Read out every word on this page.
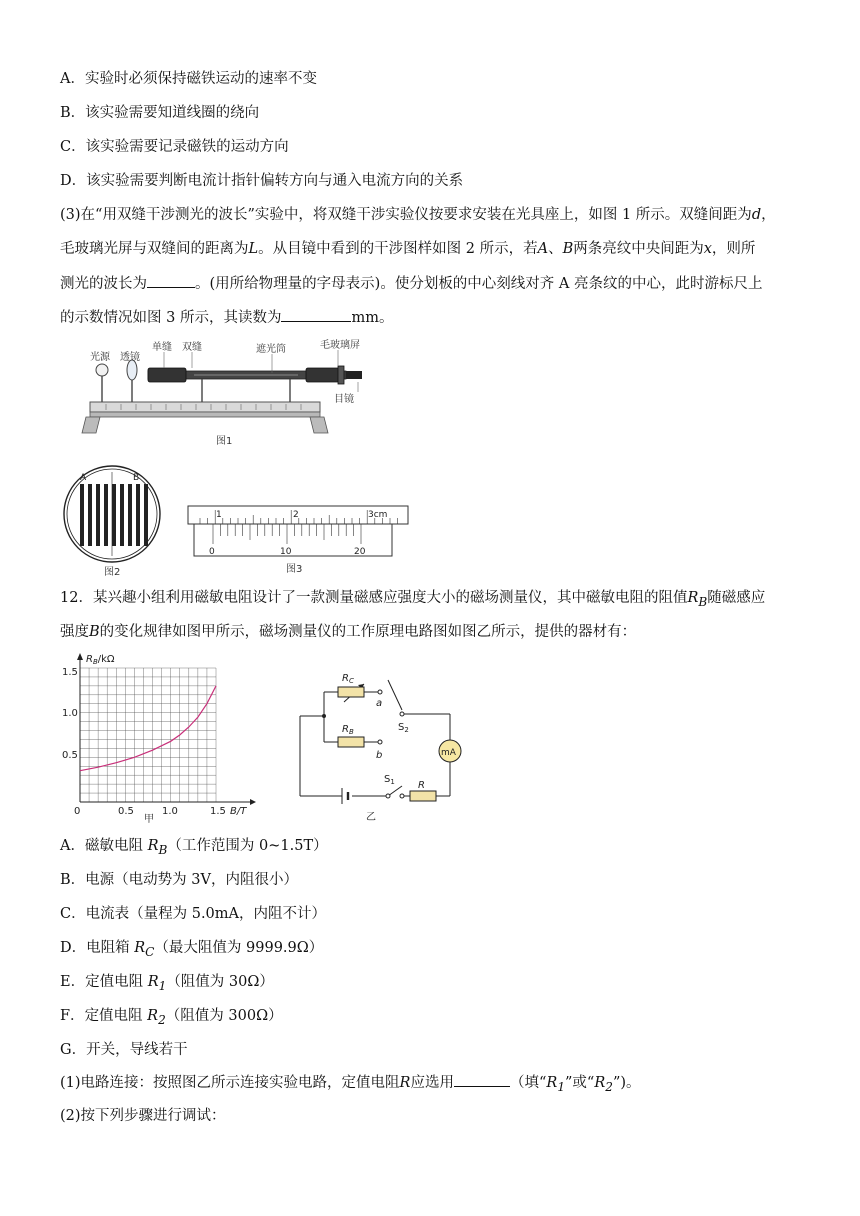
A．实验时必须保持磁铁运动的速率不变
B．该实验需要知道线圈的绕向
C．该实验需要记录磁铁的运动方向
D．该实验需要判断电流计指针偏转方向与通入电流方向的关系
(3)在“用双缝干涉测光的波长”实验中，将双缝干涉实验仪按要求安装在光具座上，如图 1 所示。双缝间距为d，
毛玻璃光屏与双缝间的距离为L。从目镜中看到的干涉图样如图 2 所示，若A、B两条亮纹中央间距为x，则所
测光的波长为	。(用所给物理量的字母表示)。使分划板的中心刻线对齐 A 亮条纹的中心，此时游标尺上
的示数情况如图 3 所示，其读数为	mm。
光源 透镜
单缝 双缝	遮光筒	毛玻璃屏
目镜
图1
A	B
图2
1	2	3cm
0	10	20
图3
12．某兴趣小组利用磁敏电阻设计了一款测量磁感应强度大小的磁场测量仪，其中磁敏电阻的阻值$R_B$随磁感应
强度B的变化规律如图甲所示，磁场测量仪的工作原理电路图如图乙所示，提供的器材有：
$R_B/k\Omega$
1.5
1.0
0.5
0	0.5	1.0	1.5 B/T
甲
mA
$R_C$
a
$R_B$
b
$S_2$
$S_1$ R
乙
A．磁敏电阻 $R_B$（工作范围为 0~1.5T）
B．电源（电动势为 3V，内阻很小）
C．电流表（量程为 5.0mA，内阻不计）
D．电阻箱 $R_C$（最大阻值为 9999.9Ω）
E．定值电阻 $R_1$（阻值为 30Ω）
F．定值电阻 $R_2$（阻值为 300Ω）
G．开关，导线若干
(1)电路连接：按照图乙所示连接实验电路，定值电阻R应选用	（填“$R_1$”或“$R_2$”)。
(2)按下列步骤进行调试：
